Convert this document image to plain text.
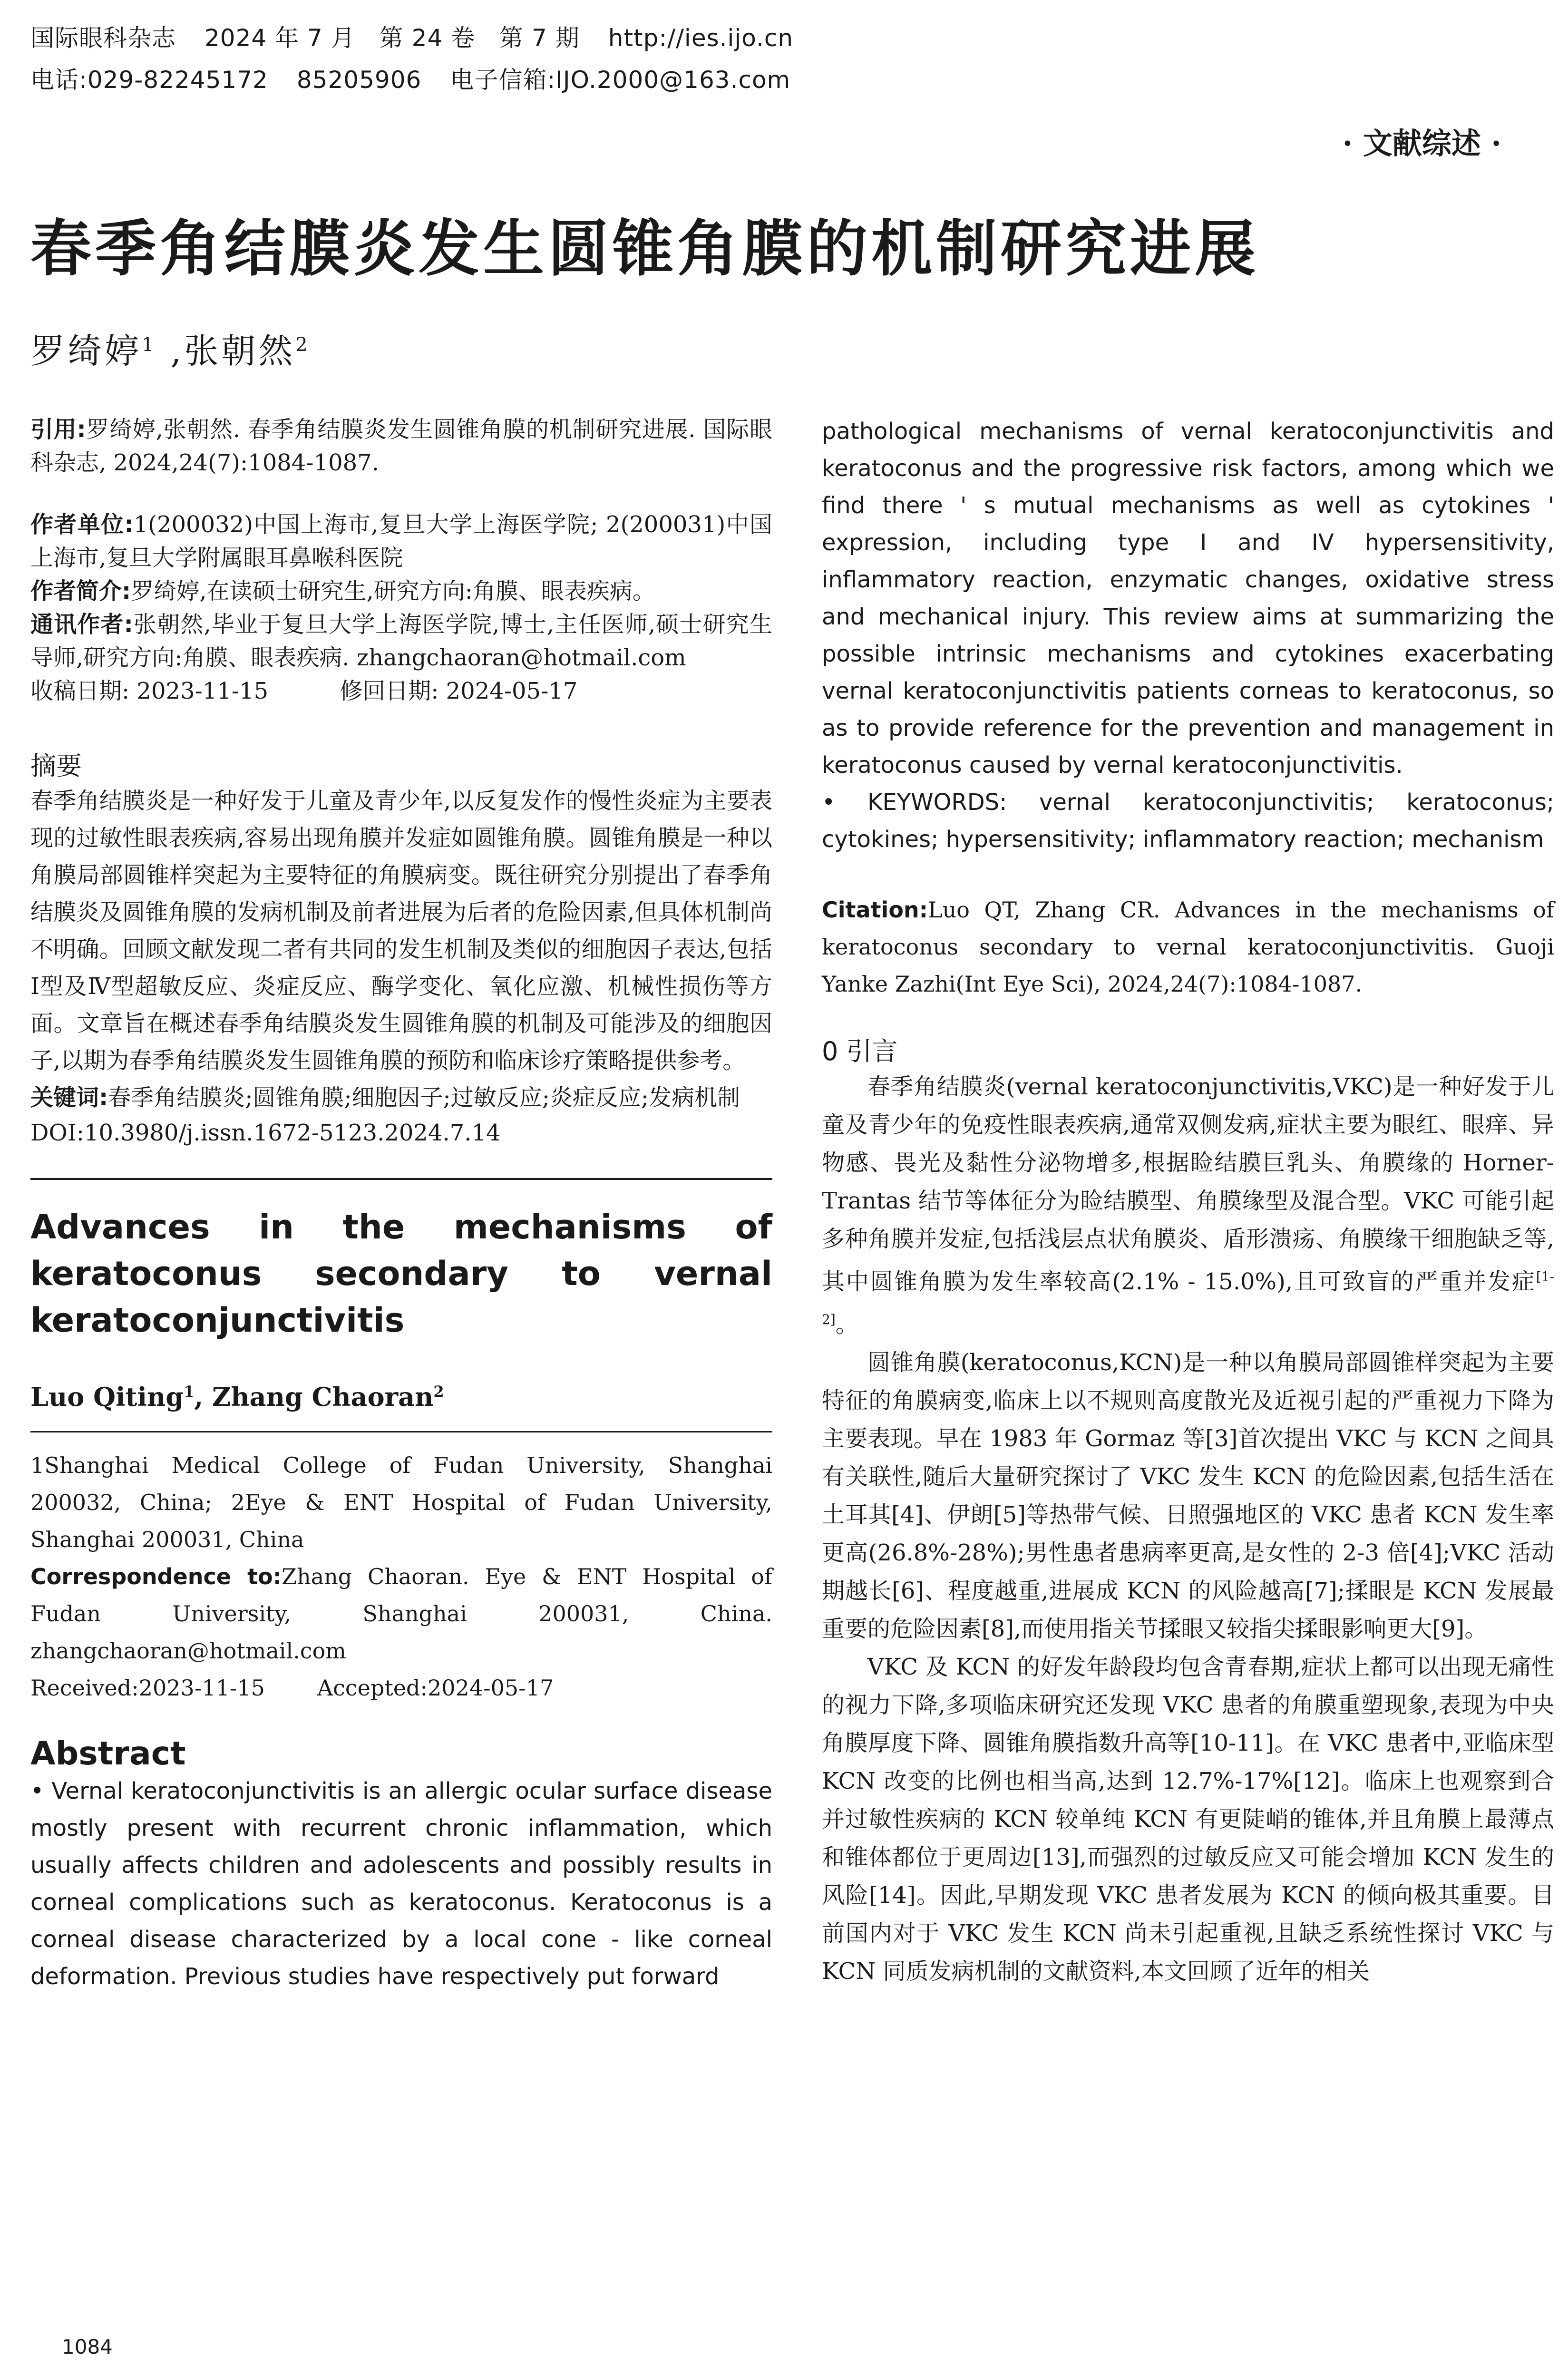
国际眼科杂志 2024 年 7 月　第 24 卷　第 7 期 http://ies.ijo.cn
电话:029-82245172 85205906 电子信箱:IJO.2000@163.com
· 文献综述 ·
春季角结膜炎发生圆锥角膜的机制研究进展
罗绮婷$^1$ ,张朝然$^2$

引用:罗绮婷,张朝然. 春季角结膜炎发生圆锥角膜的机制研究进展. 国际眼科杂志, 2024,24(7):1084-1087.

作者单位:1(200032)中国上海市,复旦大学上海医学院; 2(200031)中国上海市,复旦大学附属眼耳鼻喉科医院

作者简介:罗绮婷,在读硕士研究生,研究方向:角膜、眼表疾病。

通讯作者:张朝然,毕业于复旦大学上海医学院,博士,主任医师,硕士研究生导师,研究方向:角膜、眼表疾病. zhangchaoran@hotmail.com

收稿日期: 2023-11-15	修回日期: 2024-05-17

摘要

春季角结膜炎是一种好发于儿童及青少年,以反复发作的慢性炎症为主要表现的过敏性眼表疾病,容易出现角膜并发症如圆锥角膜。圆锥角膜是一种以角膜局部圆锥样突起为主要特征的角膜病变。既往研究分别提出了春季角结膜炎及圆锥角膜的发病机制及前者进展为后者的危险因素,但具体机制尚不明确。回顾文献发现二者有共同的发生机制及类似的细胞因子表达,包括Ⅰ型及Ⅳ型超敏反应、炎症反应、酶学变化、氧化应激、机械性损伤等方面。文章旨在概述春季角结膜炎发生圆锥角膜的机制及可能涉及的细胞因子,以期为春季角结膜炎发生圆锥角膜的预防和临床诊疗策略提供参考。

关键词:春季角结膜炎;圆锥角膜;细胞因子;过敏反应;炎症反应;发病机制

DOI:10.3980/j.issn.1672-5123.2024.7.14

Advances in the mechanisms of

keratoconus secondary to vernal

keratoconjunctivitis

Luo Qiting$^1$, Zhang Chaoran$^2$

1Shanghai Medical College of Fudan University, Shanghai 200032, China; 2Eye & ENT Hospital of Fudan University, Shanghai 200031, China

Correspondence to:Zhang Chaoran. Eye & ENT Hospital of Fudan University, Shanghai 200031, China. zhangchaoran@hotmail.com

Received:2023-11-15 Accepted:2024-05-17

Abstract

• Vernal keratoconjunctivitis is an allergic ocular surface disease mostly present with recurrent chronic inflammation, which usually affects children and adolescents and possibly results in corneal complications such as keratoconus. Keratoconus is a corneal disease characterized by a local cone - like corneal deformation. Previous studies have respectively put forward

pathological mechanisms of vernal keratoconjunctivitis and keratoconus and the progressive risk factors, among which we find there ' s mutual mechanisms as well as cytokines ' expression, including type I and IV hypersensitivity, inflammatory reaction, enzymatic changes, oxidative stress and mechanical injury. This review aims at summarizing the possible intrinsic mechanisms and cytokines exacerbating vernal keratoconjunctivitis patients corneas to keratoconus, so as to provide reference for the prevention and management in keratoconus caused by vernal keratoconjunctivitis.

• KEYWORDS: vernal keratoconjunctivitis; keratoconus; cytokines; hypersensitivity; inflammatory reaction; mechanism

Citation:Luo QT, Zhang CR. Advances in the mechanisms of keratoconus secondary to vernal keratoconjunctivitis. Guoji Yanke Zazhi(Int Eye Sci), 2024,24(7):1084-1087.

0 引言

春季角结膜炎(vernal keratoconjunctivitis,VKC)是一种好发于儿童及青少年的免疫性眼表疾病,通常双侧发病,症状主要为眼红、眼痒、异物感、畏光及黏性分泌物增多,根据睑结膜巨乳头、角膜缘的 Horner-Trantas 结节等体征分为睑结膜型、角膜缘型及混合型。VKC 可能引起多种角膜并发症,包括浅层点状角膜炎、盾形溃疡、角膜缘干细胞缺乏等,其中圆锥角膜为发生率较高(2.1% - 15.0%),且可致盲的严重并发症[1-2]。

圆锥角膜(keratoconus,KCN)是一种以角膜局部圆锥样突起为主要特征的角膜病变,临床上以不规则高度散光及近视引起的严重视力下降为主要表现。早在 1983 年 Gormaz 等[3]首次提出 VKC 与 KCN 之间具有关联性,随后大量研究探讨了 VKC 发生 KCN 的危险因素,包括生活在土耳其[4]、伊朗[5]等热带气候、日照强地区的 VKC 患者 KCN 发生率更高(26.8%-28%);男性患者患病率更高,是女性的 2-3 倍[4];VKC 活动期越长[6]、程度越重,进展成 KCN 的风险越高[7];揉眼是 KCN 发展最重要的危险因素[8],而使用指关节揉眼又较指尖揉眼影响更大[9]。

VKC 及 KCN 的好发年龄段均包含青春期,症状上都可以出现无痛性的视力下降,多项临床研究还发现 VKC 患者的角膜重塑现象,表现为中央角膜厚度下降、圆锥角膜指数升高等[10-11]。在 VKC 患者中,亚临床型 KCN 改变的比例也相当高,达到 12.7%-17%[12]。临床上也观察到合并过敏性疾病的 KCN 较单纯 KCN 有更陡峭的锥体,并且角膜上最薄点和锥体都位于更周边[13],而强烈的过敏反应又可能会增加 KCN 发生的风险[14]。因此,早期发现 VKC 患者发展为 KCN 的倾向极其重要。目前国内对于 VKC 发生 KCN 尚未引起重视,且缺乏系统性探讨 VKC 与 KCN 同质发病机制的文献资料,本文回顾了近年的相关

1084
